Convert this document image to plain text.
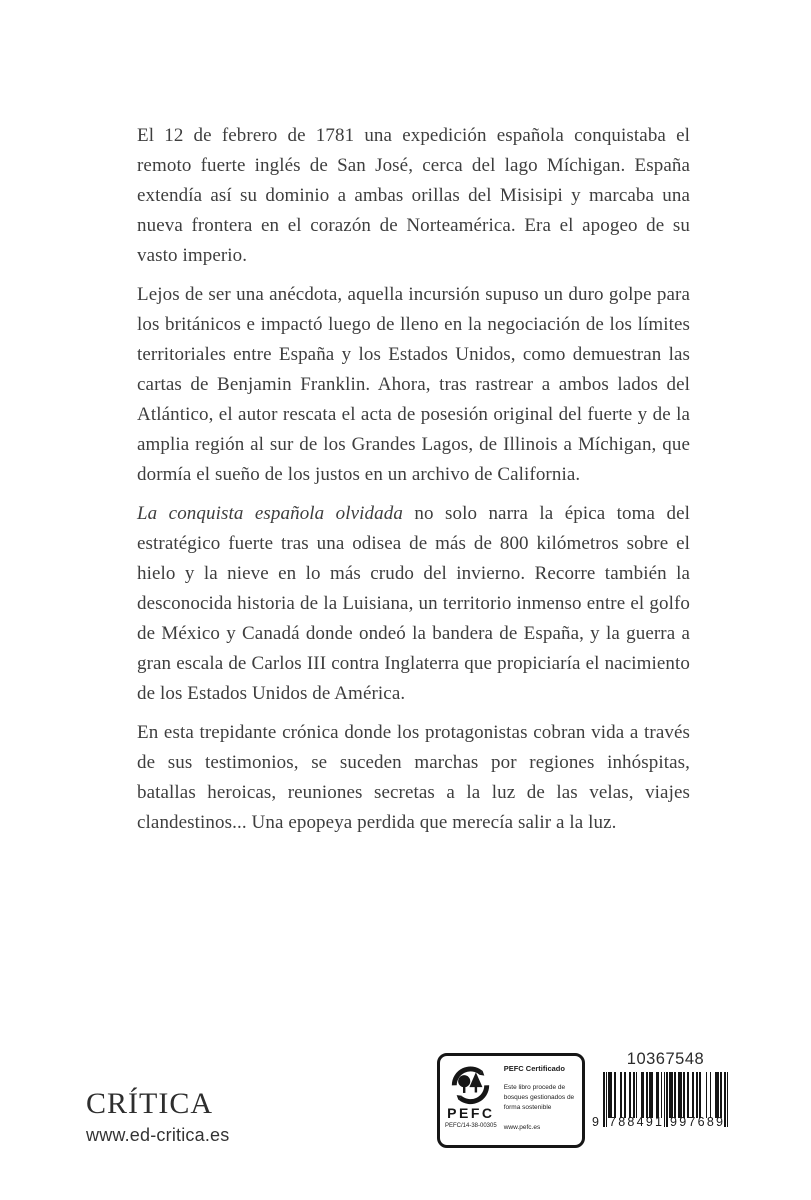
El 12 de febrero de 1781 una expedición española conquistaba el remoto fuerte inglés de San José, cerca del lago Míchigan. España extendía así su dominio a ambas orillas del Misisipi y marcaba una nueva frontera en el corazón de Norteamérica. Era el apogeo de su vasto imperio.

Lejos de ser una anécdota, aquella incursión supuso un duro golpe para los británicos e impactó luego de lleno en la negociación de los límites territoriales entre España y los Estados Unidos, como demuestran las cartas de Benjamin Franklin. Ahora, tras rastrear a ambos lados del Atlántico, el autor rescata el acta de posesión original del fuerte y de la amplia región al sur de los Grandes Lagos, de Illinois a Míchigan, que dormía el sueño de los justos en un archivo de California.

La conquista española olvidada no solo narra la épica toma del estratégico fuerte tras una odisea de más de 800 kilómetros sobre el hielo y la nieve en lo más crudo del invierno. Recorre también la desconocida historia de la Luisiana, un territorio inmenso entre el golfo de México y Canadá donde ondeó la bandera de España, y la guerra a gran escala de Carlos III contra Inglaterra que propiciaría el nacimiento de los Estados Unidos de América.

En esta trepidante crónica donde los protagonistas cobran vida a través de sus testimonios, se suceden marchas por regiones inhóspitas, batallas heroicas, reuniones secretas a la luz de las velas, viajes clandestinos... Una epopeya perdida que merecía salir a la luz.

CRÍTICA
www.ed-critica.es
PEFC
PEFC/14-38-00305
PEFC Certificado
Este libro procede de bosques gestionados de forma sostenible
www.pefc.es
10367548
9 7 8 8 4 9 1 9 9 7 6 8 9
